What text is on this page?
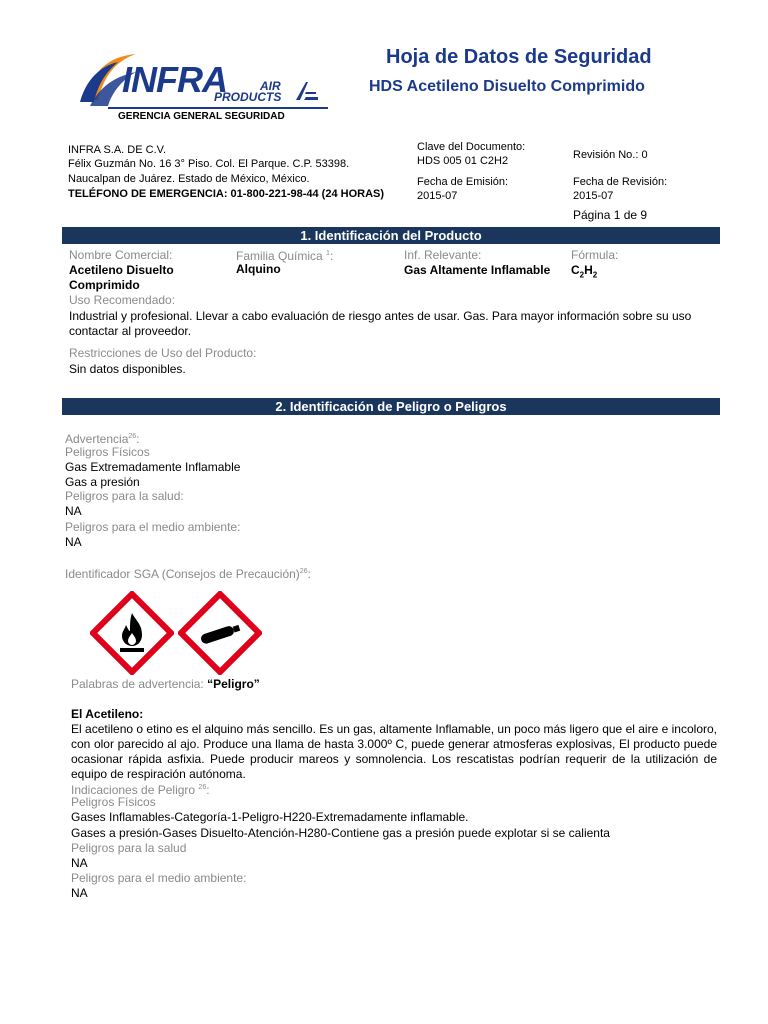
INFRA	AIR
PRODUCTS
GERENCIA GENERAL SEGURIDAD
Hoja de Datos de Seguridad
HDS Acetileno Disuelto Comprimido
INFRA S.A. DE C.V.
Félix Guzmán No. 16 3° Piso. Col. El Parque. C.P. 53398.
Naucalpan de Juárez. Estado de México, México.
TELÉFONO DE EMERGENCIA: 01-800-221-98-44 (24 HORAS)
Clave del Documento:
HDS 005 01 C2H2	Revisión No.: 0
Fecha de Emisión:
2015-07
Fecha de Revisión:
2015-07
Página 1 de 9
1. Identificación del Producto
Nombre Comercial:
Acetileno Disuelto
Comprimido
Familia Química $^1$:
Alquino
Inf. Relevante:
Gas Altamente Inflamable
Fórmula:
$C_2H_2$
Uso Recomendado:
Industrial y profesional. Llevar a cabo evaluación de riesgo antes de usar. Gas. Para mayor información sobre su uso contactar al proveedor.
Restricciones de Uso del Producto:
Sin datos disponibles.
2. Identificación de Peligro o Peligros
Advertencia$^{26}$:
Peligros Físicos
Gas Extremadamente Inflamable
Gas a presión
Peligros para la salud:
NA
Peligros para el medio ambiente:
NA
Identificador SGA (Consejos de Precaución)$^{26}$:
Palabras de advertencia: “Peligro”
El Acetileno:
El acetileno o etino es el alquino más sencillo. Es un gas, altamente Inflamable, un poco más ligero que el aire e incoloro, con olor parecido al ajo. Produce una llama de hasta 3.000º C, puede generar atmosferas explosivas, El producto puede ocasionar rápida asfixia. Puede producir mareos y somnolencia. Los rescatistas podrían requerir de la utilización de equipo de respiración autónoma.
Indicaciones de Peligro $^{26}$:
Peligros Físicos
Gases Inflamables-Categoría-1-Peligro-H220-Extremadamente inflamable.
Gases a presión-Gases Disuelto-Atención-H280-Contiene gas a presión puede explotar si se calienta
Peligros para la salud
NA
Peligros para el medio ambiente:
NA
